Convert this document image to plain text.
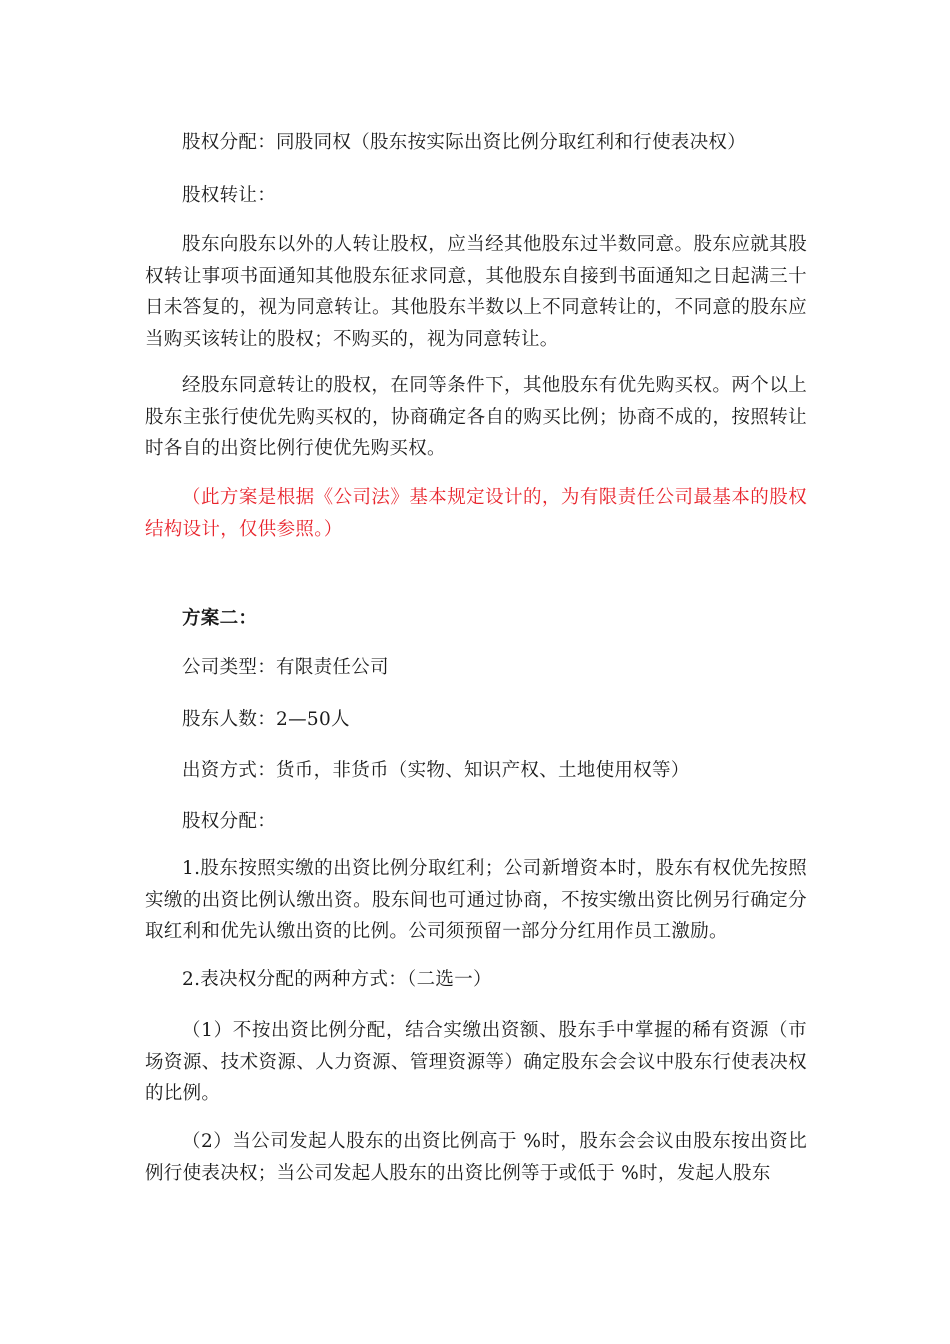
股权分配：同股同权（股东按实际出资比例分取红利和行使表决权）

股权转让：

股东向股东以外的人转让股权，应当经其他股东过半数同意。股东应就其股权转让事项书面通知其他股东征求同意，其他股东自接到书面通知之日起满三十日未答复的，视为同意转让。其他股东半数以上不同意转让的，不同意的股东应当购买该转让的股权；不购买的，视为同意转让。

经股东同意转让的股权，在同等条件下，其他股东有优先购买权。两个以上股东主张行使优先购买权的，协商确定各自的购买比例；协商不成的，按照转让时各自的出资比例行使优先购买权。

（此方案是根据《公司法》基本规定设计的，为有限责任公司最基本的股权结构设计，仅供参照。）

方案二：

公司类型：有限责任公司

股东人数：2—50人

出资方式：货币，非货币（实物、知识产权、土地使用权等）

股权分配：

1.股东按照实缴的出资比例分取红利；公司新增资本时，股东有权优先按照实缴的出资比例认缴出资。股东间也可通过协商，不按实缴出资比例另行确定分取红利和优先认缴出资的比例。公司须预留一部分分红用作员工激励。

2.表决权分配的两种方式：（二选一）

（1）不按出资比例分配，结合实缴出资额、股东手中掌握的稀有资源（市场资源、技术资源、人力资源、管理资源等）确定股东会会议中股东行使表决权的比例。

（2）当公司发起人股东的出资比例高于 %时，股东会会议由股东按出资比例行使表决权；当公司发起人股东的出资比例等于或低于 %时，发起人股东
